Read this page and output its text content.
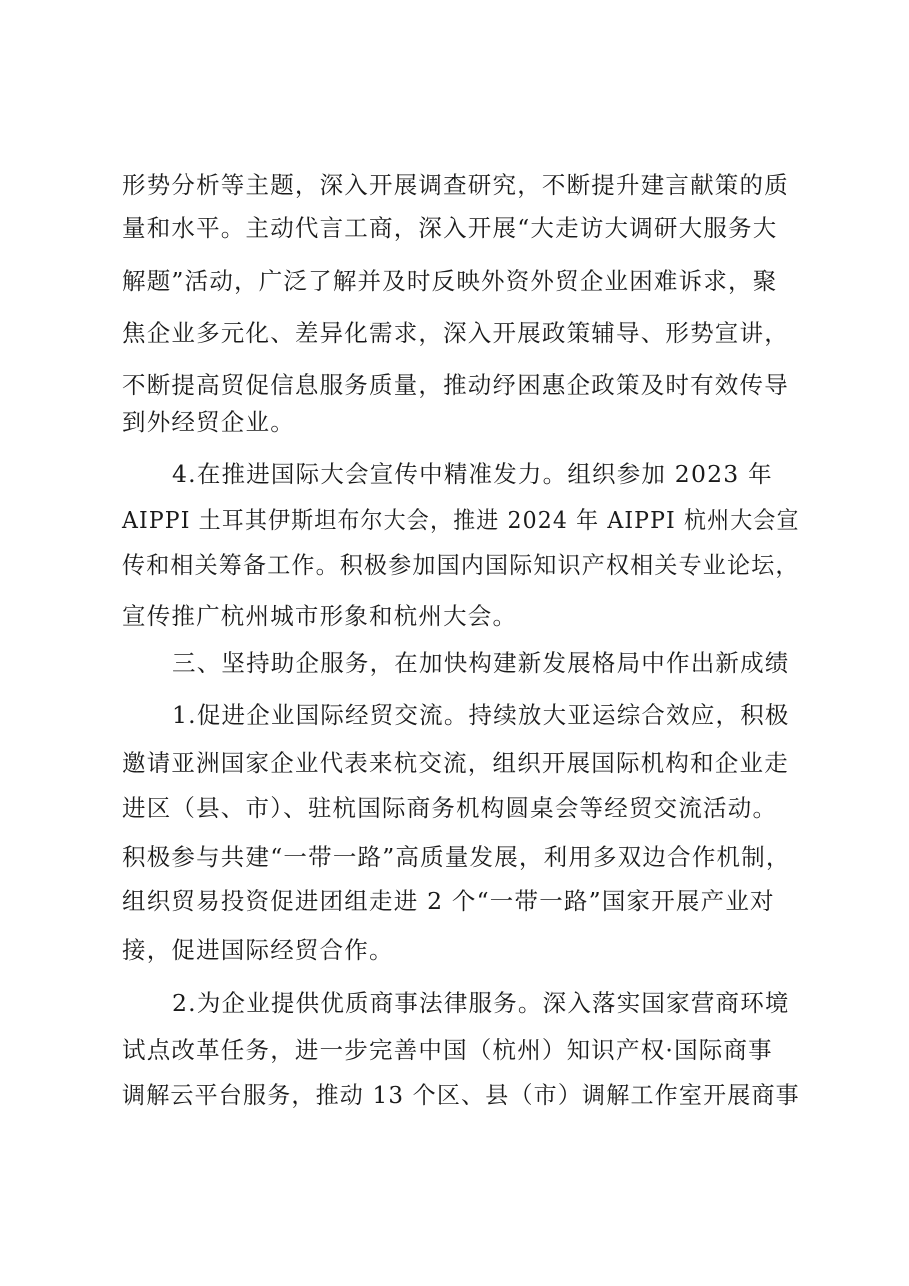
形势分析等主题，深入开展调查研究，不断提升建言献策的质
量和水平。主动代言工商，深入开展“大走访大调研大服务大
解题”活动，广泛了解并及时反映外资外贸企业困难诉求，聚
焦企业多元化、差异化需求，深入开展政策辅导、形势宣讲，
不断提高贸促信息服务质量，推动纾困惠企政策及时有效传导
到外经贸企业。
4.在推进国际大会宣传中精准发力。组织参加 2023 年
AIPPI 土耳其伊斯坦布尔大会，推进 2024 年 AIPPI 杭州大会宣
传和相关筹备工作。积极参加国内国际知识产权相关专业论坛，
宣传推广杭州城市形象和杭州大会。
三、坚持助企服务，在加快构建新发展格局中作出新成绩
1.促进企业国际经贸交流。持续放大亚运综合效应，积极
邀请亚洲国家企业代表来杭交流，组织开展国际机构和企业走
进区（县、市）、驻杭国际商务机构圆桌会等经贸交流活动。
积极参与共建“一带一路”高质量发展，利用多双边合作机制，
组织贸易投资促进团组走进 2 个“一带一路”国家开展产业对
接，促进国际经贸合作。
2.为企业提供优质商事法律服务。深入落实国家营商环境
试点改革任务，进一步完善中国（杭州）知识产权·国际商事
调解云平台服务，推动 13 个区、县（市）调解工作室开展商事
